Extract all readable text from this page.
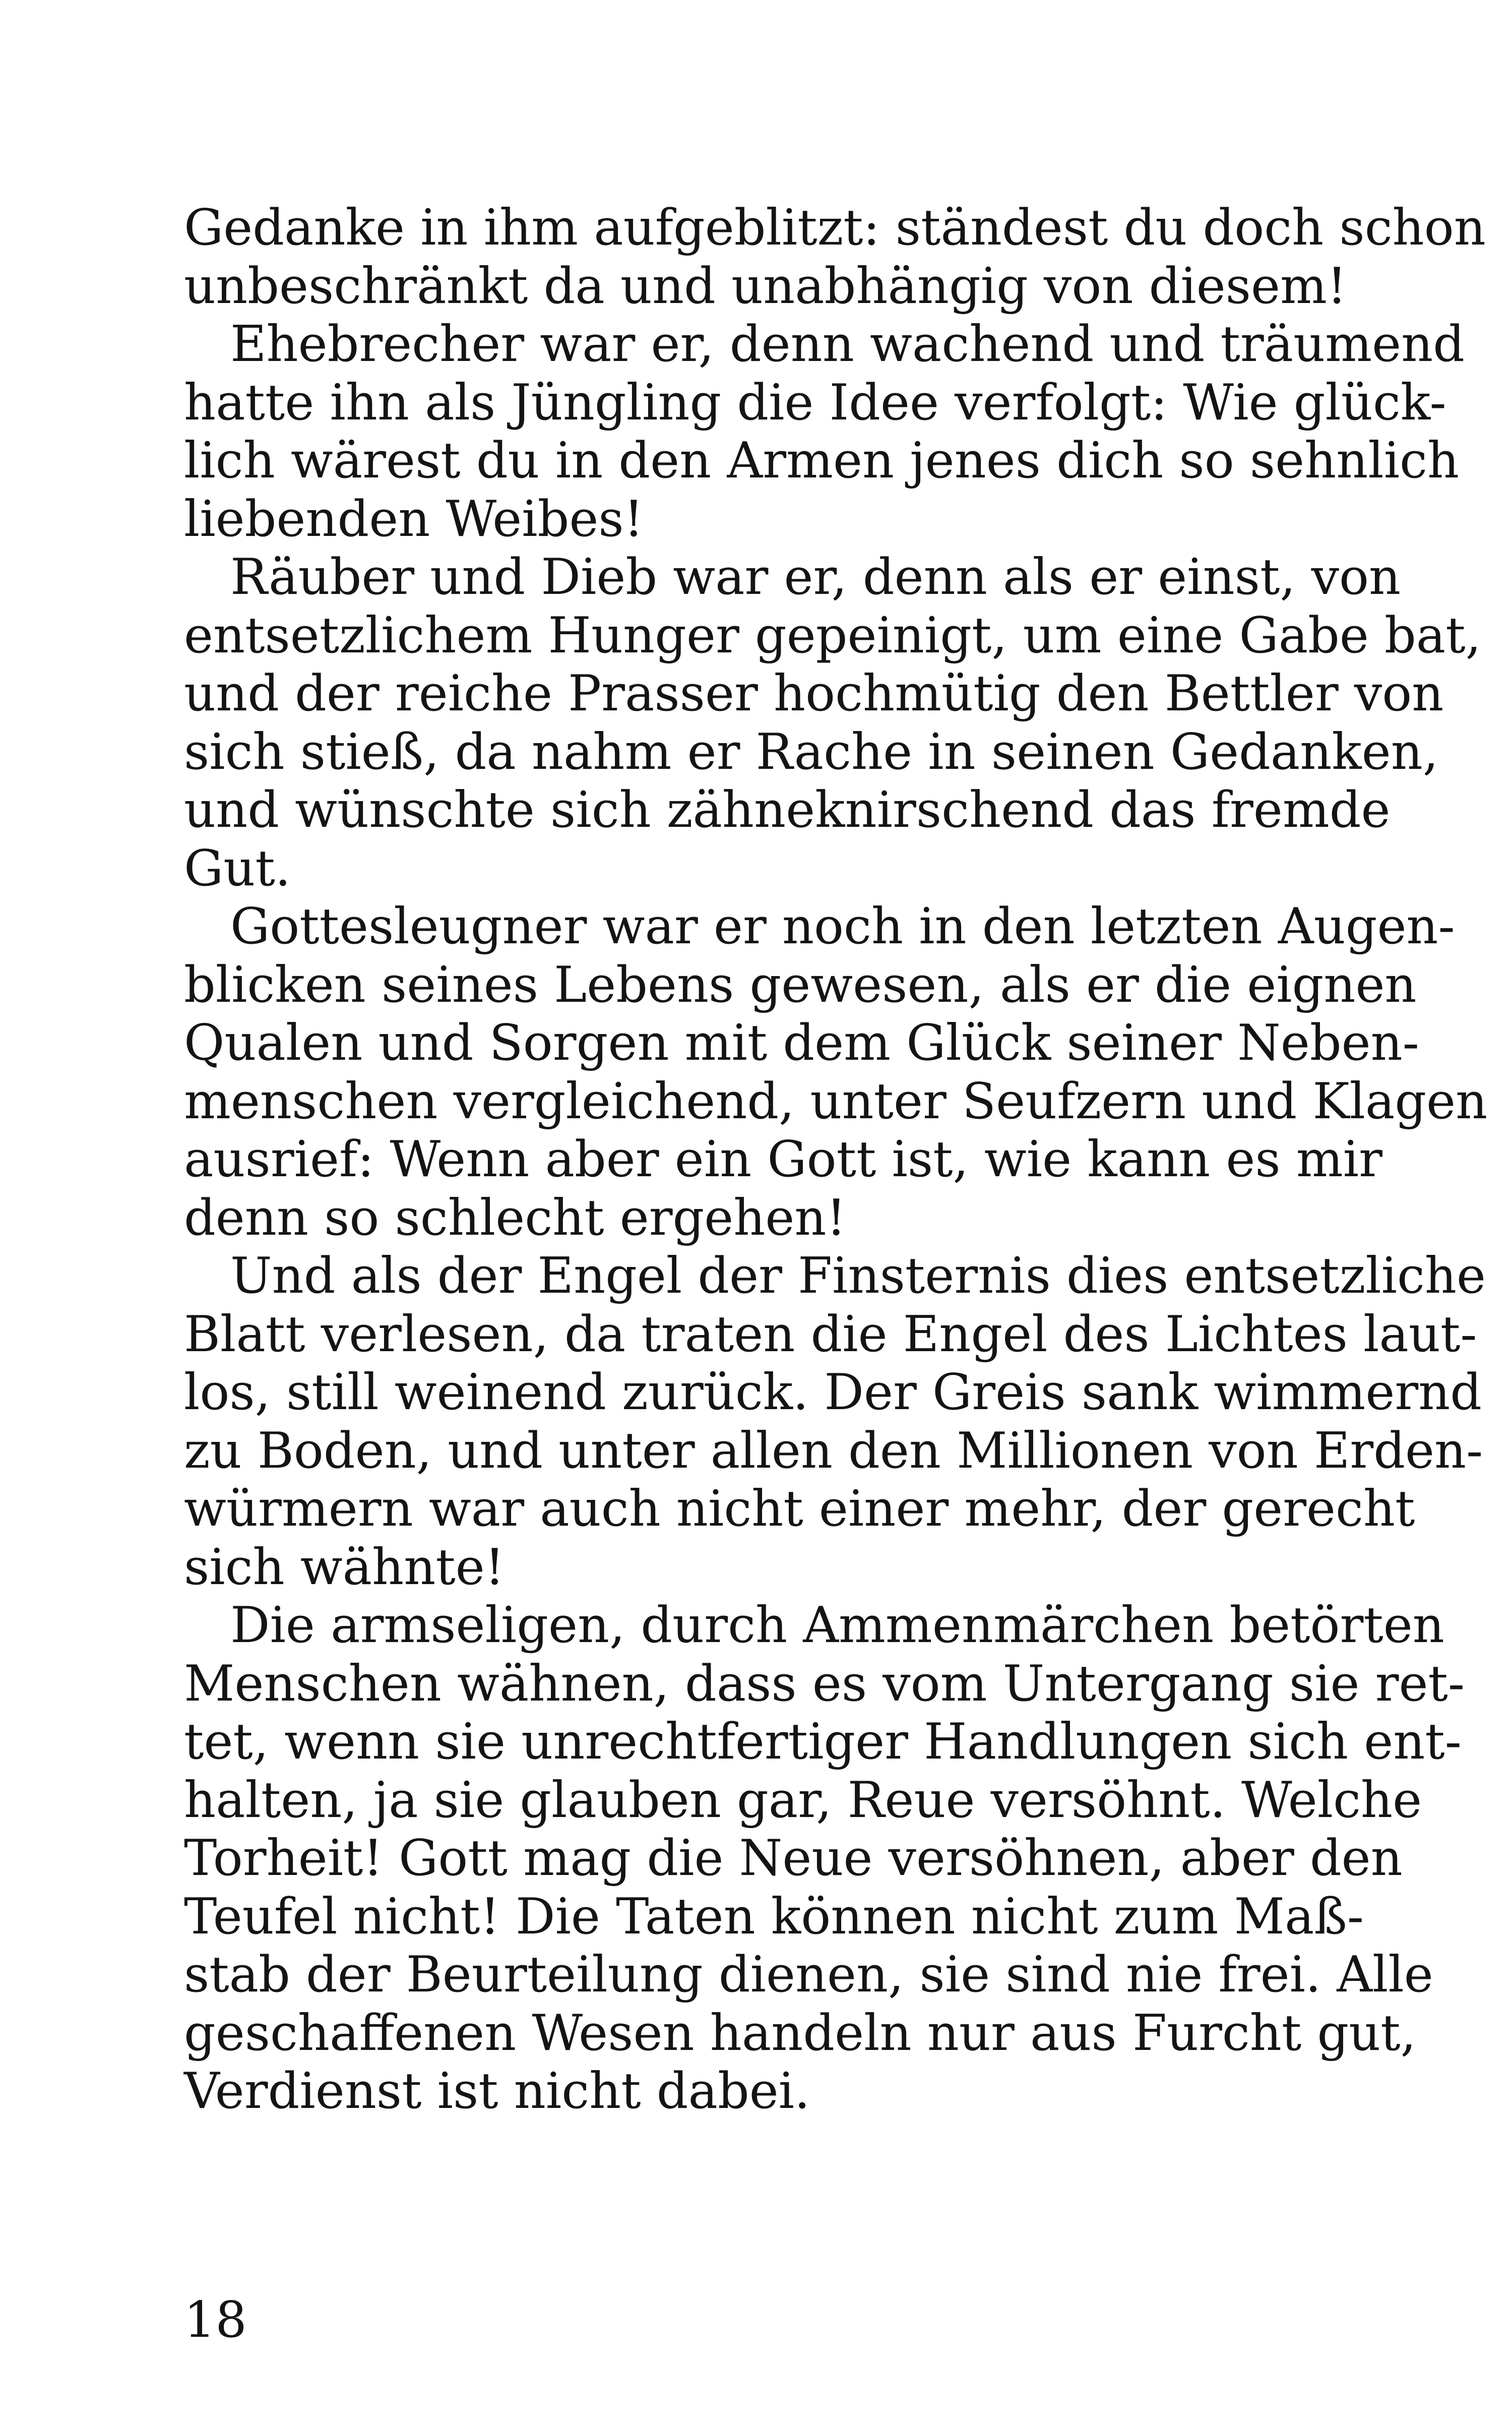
Gedanke in ihm aufgeblitzt: ständest du doch schon
unbeschränkt da und unabhängig von diesem!
Ehebrecher war er, denn wachend und träumend
hatte ihn als Jüngling die Idee verfolgt: Wie glück-
lich wärest du in den Armen jenes dich so sehnlich
liebenden Weibes!
Räuber und Dieb war er, denn als er einst, von
entsetzlichem Hunger gepeinigt, um eine Gabe bat,
und der reiche Prasser hochmütig den Bettler von
sich stieß, da nahm er Rache in seinen Gedanken,
und wünschte sich zähneknirschend das fremde
Gut.
Gottesleugner war er noch in den letzten Augen-
blicken seines Lebens gewesen, als er die eignen
Qualen und Sorgen mit dem Glück seiner Neben-
menschen vergleichend, unter Seufzern und Klagen
ausrief: Wenn aber ein Gott ist, wie kann es mir
denn so schlecht ergehen!
Und als der Engel der Finsternis dies entsetzliche
Blatt verlesen, da traten die Engel des Lichtes laut-
los, still weinend zurück. Der Greis sank wimmernd
zu Boden, und unter allen den Millionen von Erden-
würmern war auch nicht einer mehr, der gerecht
sich wähnte!
Die armseligen, durch Ammenmärchen betörten
Menschen wähnen, dass es vom Untergang sie ret-
tet, wenn sie unrechtfertiger Handlungen sich ent-
halten, ja sie glauben gar, Reue versöhnt. Welche
Torheit! Gott mag die Neue versöhnen, aber den
Teufel nicht! Die Taten können nicht zum Maß-
stab der Beurteilung dienen, sie sind nie frei. Alle
geschaffenen Wesen handeln nur aus Furcht gut,
Verdienst ist nicht dabei.
18
